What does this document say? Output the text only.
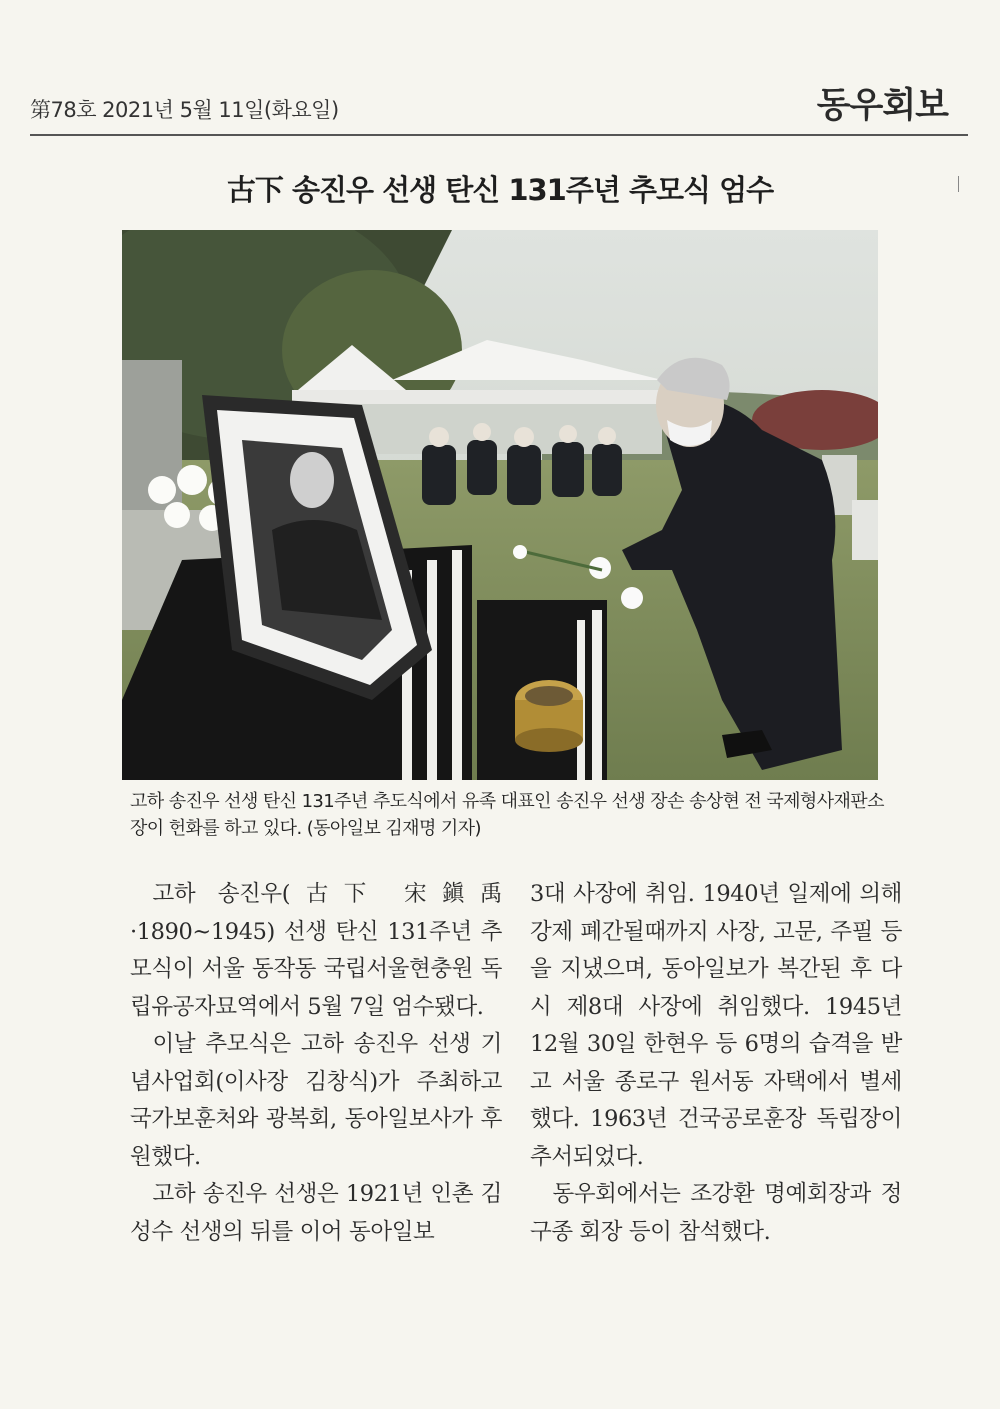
第78호 2021년 5월 11일(화요일)	동우회보
古下 송진우 선생 탄신 131주년 추모식 엄수
고하 송진우 선생 탄신 131주년 추도식에서 유족 대표인 송진우 선생 장손 송상현 전 국제형사재판소장이 헌화를 하고 있다. (동아일보 김재명 기자)

고하 송진우(古下 宋鎭禹·1890~1945) 선생 탄신 131주년 추모식이 서울 동작동 국립서울현충원 독립유공자묘역에서 5월 7일 엄수됐다.

이날 추모식은 고하 송진우 선생 기념사업회(이사장 김창식)가 주최하고 국가보훈처와 광복회, 동아일보사가 후원했다.

고하 송진우 선생은 1921년 인촌 김성수 선생의 뒤를 이어 동아일보

3대 사장에 취임. 1940년 일제에 의해 강제 폐간될때까지 사장, 고문, 주필 등을 지냈으며, 동아일보가 복간된 후 다시 제8대 사장에 취임했다. 1945년 12월 30일 한현우 등 6명의 습격을 받고 서울 종로구 원서동 자택에서 별세했다. 1963년 건국공로훈장 독립장이 추서되었다.

동우회에서는 조강환 명예회장과 정구종 회장 등이 참석했다.
